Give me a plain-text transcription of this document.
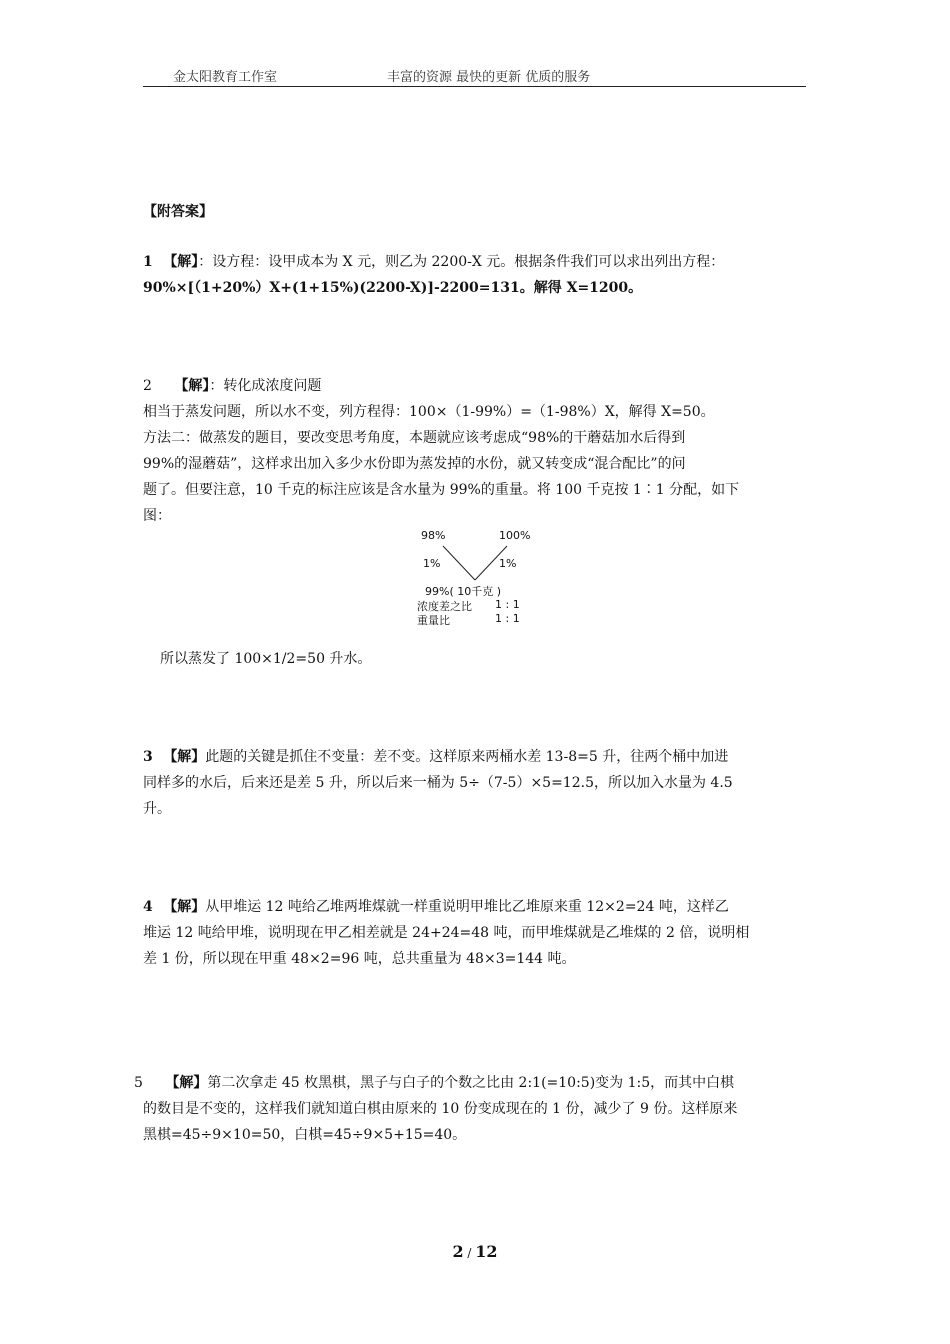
金太阳教育工作室	丰富的资源 最快的更新 优质的服务
【附答案】
1 【解】：设方程：设甲成本为 X 元，则乙为 2200-X 元。根据条件我们可以求出列出方程：
90%×[（1+20%）X+(1+15%)(2200-X)]-2200=131。解得 X=1200。
2 【解】：转化成浓度问题
相当于蒸发问题，所以水不变，列方程得：100×（1-99%）=（1-98%）X，解得 X=50。
方法二：做蒸发的题目，要改变思考角度，本题就应该考虑成“98%的干蘑菇加水后得到
99%的湿蘑菇”，这样求出加入多少水份即为蒸发掉的水份，就又转变成“混合配比”的问
题了。但要注意，10 千克的标注应该是含水量为 99%的重量。将 100 千克按 1∶1 分配，如下
图：
98%	100%
1%	1%
99%( 10千克 )
浓度差之比 1 : 1
重量比	1 : 1
所以蒸发了 100×1/2=50 升水。
3 【解】此题的关键是抓住不变量：差不变。这样原来两桶水差 13-8=5 升，往两个桶中加进
同样多的水后，后来还是差 5 升，所以后来一桶为 5÷（7-5）×5=12.5，所以加入水量为 4.5
升。
4 【解】从甲堆运 12 吨给乙堆两堆煤就一样重说明甲堆比乙堆原来重 12×2=24 吨，这样乙
堆运 12 吨给甲堆，说明现在甲乙相差就是 24+24=48 吨，而甲堆煤就是乙堆煤的 2 倍，说明相
差 1 份，所以现在甲重 48×2=96 吨，总共重量为 48×3=144 吨。
5 【解】第二次拿走 45 枚黑棋，黑子与白子的个数之比由 2:1(=10:5)变为 1:5，而其中白棋
的数目是不变的，这样我们就知道白棋由原来的 10 份变成现在的 1 份，减少了 9 份。这样原来
黑棋=45÷9×10=50，白棋=45÷9×5+15=40。
2 / 12
